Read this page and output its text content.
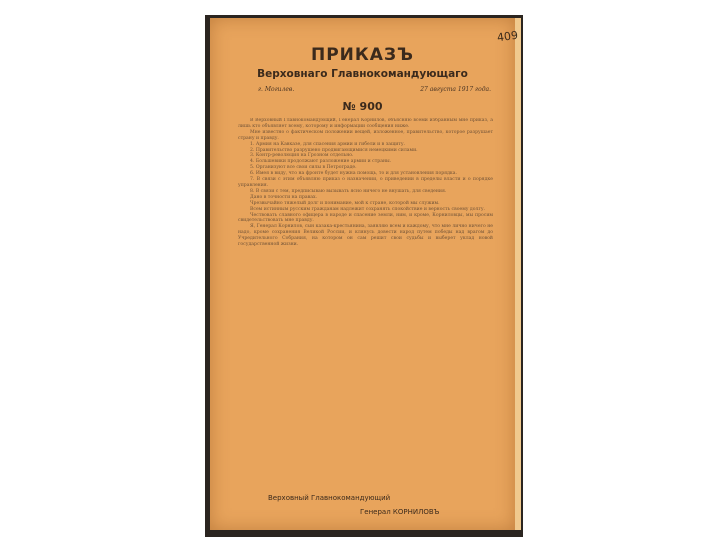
ПРИКАЗЪ
Верховнаго Главнокомандующаго
г. Могилев.	27 августа 1917 года.
№ 900

В Верховный Главнокомандующий, Генерал Корнилов, объясняю всеми избранным мне приказ, а лишь кто объявляет всему, которому и информации сообщения ниже.

Мне известно о фактическом положении вещей, изложенное, правительство, которое разрушает страну и правду.

1. Армия на Кавказе, для спасения армии и гибели и в защиту.

2. Правительство разрушено продвигающимися немецкими силами.

3. Контр-революция на Грозном отдельно.

4. Большевики продолжают разложение армии и страны.

5. Организуют все свои силы в Петрограде.

6. Имея в виду, что на фронте будет нужна помощь, то и для установления порядка.

7. В связи с этим объявляю приказ о назначении, о приведении в пределы власти и о порядке управления.

8. В связи с тем, предписываю вызывать ясно ничего не внушать, для сведения.

Дано в точности на правах.

Чрезвычайно тяжелый долг и понимание, мой к стране, которой мы служим.

Всем истинным русским гражданам надлежит сохранять спокойствие и верность своему долгу.

Чествовать славного офицера в народе и спасение земли, ним, и кроме, Корниловцы, мы просим свидетельствовать мне правду.

Я, Генерал Корнилов, сын казака-крестьянина, заявляю всем и каждому, что мне лично ничего не надо, кроме сохранения Великой России, и клянусь довести народ путем победы над врагом до Учредительного Собрания, на котором он сам решит свои судьбы и выберет уклад новой государственной жизни.

Верховный Главнокомандующий
Генерал КОРНИЛОВЪ
409
